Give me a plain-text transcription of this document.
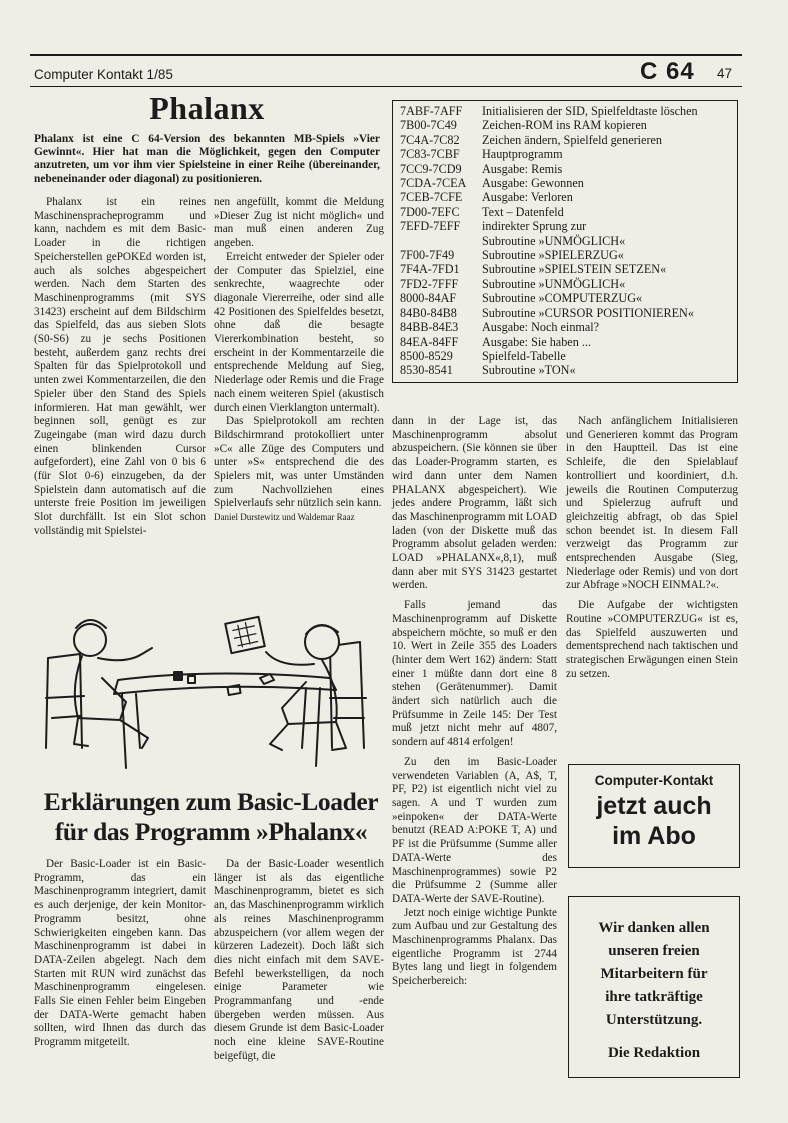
Computer Kontakt 1/85	C 64 47
Phalanx
Phalanx ist eine C 64-Version des bekannten MB-Spiels »Vier Gewinnt«. Hier hat man die Möglichkeit, gegen den Computer anzutreten, um vor ihm vier Spielsteine in einer Reihe (übereinander, nebeneinander oder diagonal) zu positionieren.

Phalanx ist ein reines Maschinenspracheprogramm und kann, nachdem es mit dem Basic-Loader in die richtigen Speicherstellen gePOKEd worden ist, auch als solches abgespeichert werden. Nach dem Starten des Maschinenprogramms (mit SYS 31423) erscheint auf dem Bildschirm das Spielfeld, das aus sieben Slots (S0-S6) zu je sechs Positionen besteht, außerdem ganz rechts drei Spalten für das Spielprotokoll und unten zwei Kommentarzeilen, die den Spieler über den Stand des Spiels informieren. Hat man gewählt, wer beginnen soll, genügt es zur Zugeingabe (man wird dazu durch einen blinkenden Cursor aufgefordert), eine Zahl von 0 bis 6 (für Slot 0-6) einzugeben, da der Spielstein dann automatisch auf die unterste freie Position im jeweiligen Slot durchfällt. Ist ein Slot schon vollständig mit Spielstei-

nen angefüllt, kommt die Meldung »Dieser Zug ist nicht möglich« und man muß einen anderen Zug angeben.

Erreicht entweder der Spieler oder der Computer das Spielziel, eine senkrechte, waagrechte oder diagonale Viererreihe, oder sind alle 42 Positionen des Spielfeldes besetzt, ohne daß die besagte Viererkombination besteht, so erscheint in der Kommentarzeile die entsprechende Meldung auf Sieg, Niederlage oder Remis und die Frage nach einem weiteren Spiel (akustisch durch einen Vierklangton untermalt).

Das Spielprotokoll am rechten Bildschirmrand protokolliert unter »C« alle Züge des Computers und unter »S« entsprechend die des Spielers mit, was unter Umständen zum Nachvollziehen eines Spielverlaufs sehr nützlich sein kann.

Daniel Durstewitz und Waldemar Raaz

7ABF-7AFF	Initialisieren der SID, Spielfeldtaste löschen
7B00-7C49	Zeichen-ROM ins RAM kopieren
7C4A-7C82	Zeichen ändern, Spielfeld generieren
7C83-7CBF	Hauptprogramm
7CC9-7CD9	Ausgabe: Remis
7CDA-7CEA	Ausgabe: Gewonnen
7CEB-7CFE	Ausgabe: Verloren
7D00-7EFC	Text – Datenfeld
7EFD-7EFF	indirekter Sprung zur
Subroutine »UNMÖGLICH«
7F00-7F49	Subroutine »SPIELERZUG«
7F4A-7FD1	Subroutine »SPIELSTEIN SETZEN«
7FD2-7FFF	Subroutine »UNMÖGLICH«
8000-84AF	Subroutine »COMPUTERZUG«
84B0-84B8	Subroutine »CURSOR POSITIONIEREN«
84BB-84E3	Ausgabe: Noch einmal?
84EA-84FF	Ausgabe: Sie haben ...
8500-8529	Spielfeld-Tabelle
8530-8541	Subroutine »TON«
Erklärungen zum Basic-Loader
für das Programm »Phalanx«

Der Basic-Loader ist ein Basic-Programm, das ein Maschinenprogramm integriert, damit es auch derjenige, der kein Monitor-Programm besitzt, ohne Schwierigkeiten eingeben kann. Das Maschinenprogramm ist dabei in DATA-Zeilen abgelegt. Nach dem Starten mit RUN wird zunächst das Maschinenprogramm eingelesen. Falls Sie einen Fehler beim Eingeben der DATA-Werte gemacht haben sollten, wird Ihnen das durch das Programm mitgeteilt.

Da der Basic-Loader wesentlich länger ist als das eigentliche Maschinenprogramm, bietet es sich an, das Maschinenprogramm wirklich als reines Maschinenprogramm abzuspeichern (vor allem wegen der kürzeren Ladezeit). Doch läßt sich dies nicht einfach mit dem SAVE-Befehl bewerkstelligen, da noch einige Parameter wie Programmanfang und -ende übergeben werden müssen. Aus diesem Grunde ist dem Basic-Loader noch eine kleine SAVE-Routine beigefügt, die

dann in der Lage ist, das Maschinenprogramm absolut abzuspeichern. (Sie können sie über das Loader-Programm starten, es wird dann unter dem Namen PHALANX abgespeichert). Wie jedes andere Programm, läßt sich das Maschinenprogramm mit LOAD laden (von der Diskette muß das Programm absolut geladen werden: LOAD »PHALANX«,8,1), muß dann aber mit SYS 31423 gestartet werden.

Falls jemand das Maschinenprogramm auf Diskette abspeichern möchte, so muß er den 10. Wert in Zeile 355 des Loaders (hinter dem Wert 162) ändern: Statt einer 1 müßte dann dort eine 8 stehen (Gerätenummer). Damit ändert sich natürlich auch die Prüfsumme in Zeile 145: Der Test muß jetzt nicht mehr auf 4807, sondern auf 4814 erfolgen!

Zu den im Basic-Loader verwendeten Variablen (A, A$, T, PF, P2) ist eigentlich nicht viel zu sagen. A und T wurden zum »einpoken« der DATA-Werte benutzt (READ A:POKE T, A) und PF ist die Prüfsumme (Summe aller DATA-Werte des Maschinenprogrammes) sowie P2 die Prüfsumme 2 (Summe aller DATA-Werte der SAVE-Routine).

Jetzt noch einige wichtige Punkte zum Aufbau und zur Gestaltung des Maschinenprogramms Phalanx. Das eigentliche Programm ist 2744 Bytes lang und liegt in folgendem Speicherbereich:

Nach anfänglichem Initialisieren und Generieren kommt das Program in den Hauptteil. Das ist eine Schleife, die den Spielablauf kontrolliert und koordiniert, d.h. jeweils die Routinen Computerzug und Spielerzug aufruft und gleichzeitig abfragt, ob das Spiel schon beendet ist. In diesem Fall verzweigt das Programm zur entsprechenden Ausgabe (Sieg, Niederlage oder Remis) und von dort zur Abfrage »NOCH EINMAL?«.

Die Aufgabe der wichtigsten Routine »COMPUTERZUG« ist es, das Spielfeld auszuwerten und dementsprechend nach taktischen und strategischen Erwägungen einen Stein zu setzen.

Computer-Kontakt
jetzt auch
im Abo
Wir danken allen
unseren freien
Mitarbeitern für
ihre tatkräftige
Unterstützung.
Die Redaktion
